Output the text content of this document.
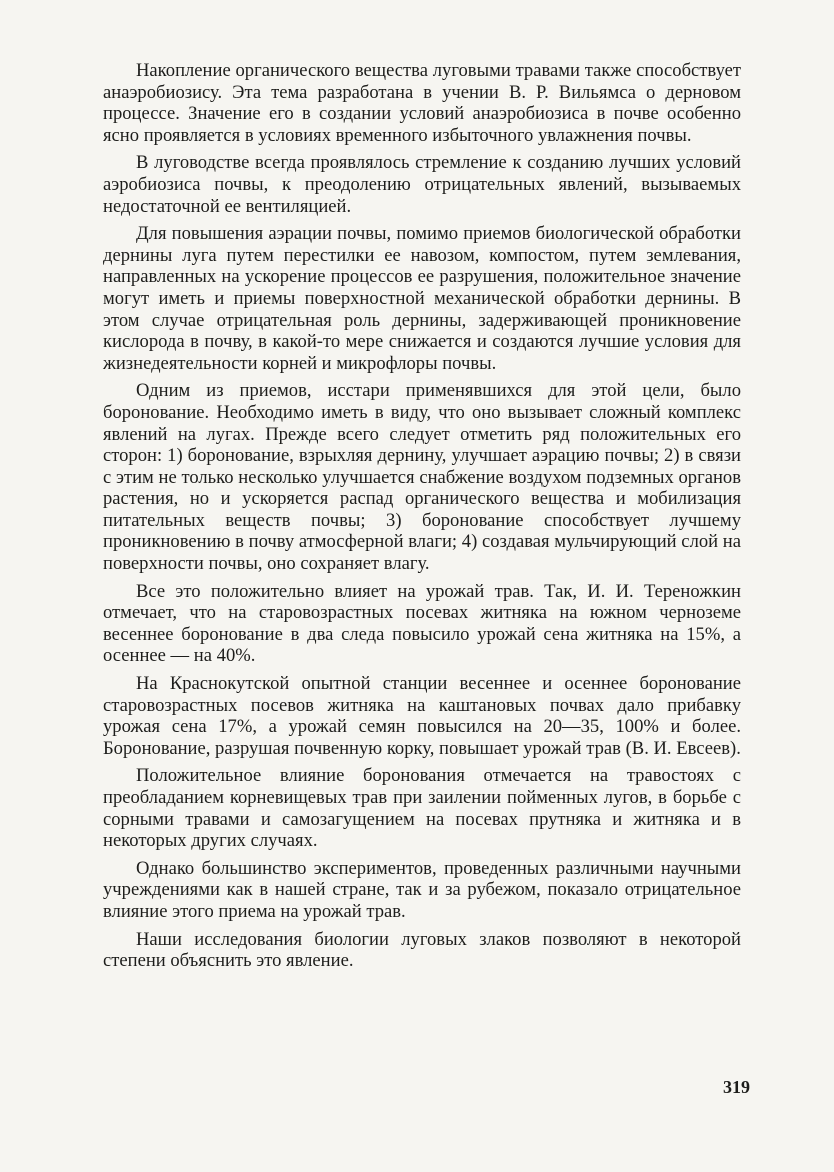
Накопление органического вещества луговыми травами также способствует анаэробиозису. Эта тема разработана в учении В. Р. Вильямса о дерновом процессе. Значение его в создании условий анаэробиозиса в почве особенно ясно проявляется в условиях временного избыточного увлажнения почвы.

В луговодстве всегда проявлялось стремление к созданию лучших условий аэробиозиса почвы, к преодолению отрицательных явлений, вызываемых недостаточной ее вентиляцией.

Для повышения аэрации почвы, помимо приемов биологической обработки дернины луга путем перестилки ее навозом, компостом, путем землевания, направленных на ускорение процессов ее разрушения, положительное значение могут иметь и приемы поверхностной механической обработки дернины. В этом случае отрицательная роль дернины, задерживающей проникновение кислорода в почву, в какой-то мере снижается и создаются лучшие условия для жизнедеятельности корней и микрофлоры почвы.

Одним из приемов, исстари применявшихся для этой цели, было боронование. Необходимо иметь в виду, что оно вызывает сложный комплекс явлений на лугах. Прежде всего следует отметить ряд положительных его сторон: 1) боронование, взрыхляя дернину, улучшает аэрацию почвы; 2) в связи с этим не только несколько улучшается снабжение воздухом подземных органов растения, но и ускоряется распад органического вещества и мобилизация питательных веществ почвы; 3) боронование способствует лучшему проникновению в почву атмосферной влаги; 4) создавая мульчирующий слой на поверхности почвы, оно сохраняет влагу.

Все это положительно влияет на урожай трав. Так, И. И. Тереножкин отмечает, что на старовозрастных посевах житняка на южном черноземе весеннее боронование в два следа повысило урожай сена житняка на 15%, а осеннее — на 40%.

На Краснокутской опытной станции весеннее и осеннее боронование старовозрастных посевов житняка на каштановых почвах дало прибавку урожая сена 17%, а урожай семян повысился на 20—35, 100% и более. Боронование, разрушая почвенную корку, повышает урожай трав (В. И. Евсеев).

Положительное влияние боронования отмечается на травостоях с преобладанием корневищевых трав при заилении пойменных лугов, в борьбе с сорными травами и самозагущением на посевах прутняка и житняка и в некоторых других случаях.

Однако большинство экспериментов, проведенных различными научными учреждениями как в нашей стране, так и за рубежом, показало отрицательное влияние этого приема на урожай трав.

Наши исследования биологии луговых злаков позволяют в некоторой степени объяснить это явление.

319
